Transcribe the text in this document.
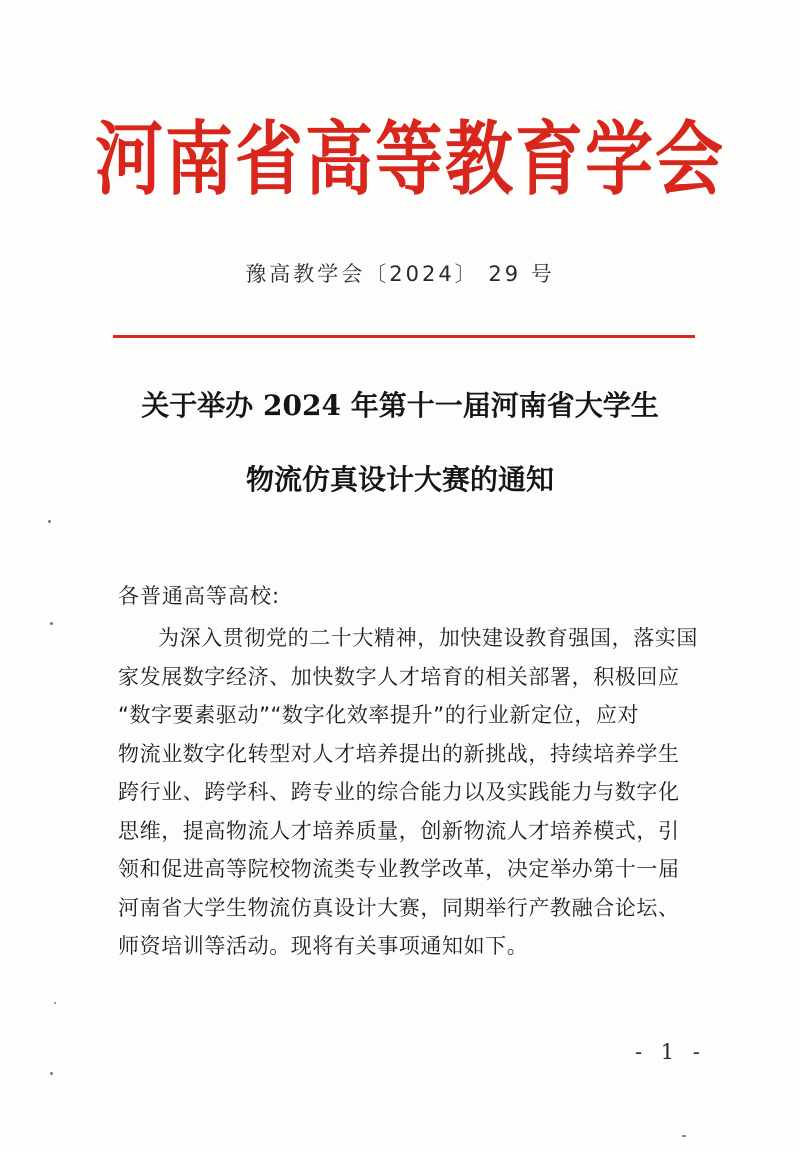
河南省高等教育学会
豫高教学会〔2024〕 29 号
关于举办 2024 年第十一届河南省大学生
物流仿真设计大赛的通知
各普通高等高校:
为深入贯彻党的二十大精神，加快建设教育强国，落实国
家发展数字经济、加快数字人才培育的相关部署，积极回应
“数字要素驱动”“数字化效率提升”的行业新定位，应对
物流业数字化转型对人才培养提出的新挑战，持续培养学生
跨行业、跨学科、跨专业的综合能力以及实践能力与数字化
思维，提高物流人才培养质量，创新物流人才培养模式，引
领和促进高等院校物流类专业教学改革，决定举办第十一届
河南省大学生物流仿真设计大赛，同期举行产教融合论坛、
师资培训等活动。现将有关事项通知如下。
- 1 -
